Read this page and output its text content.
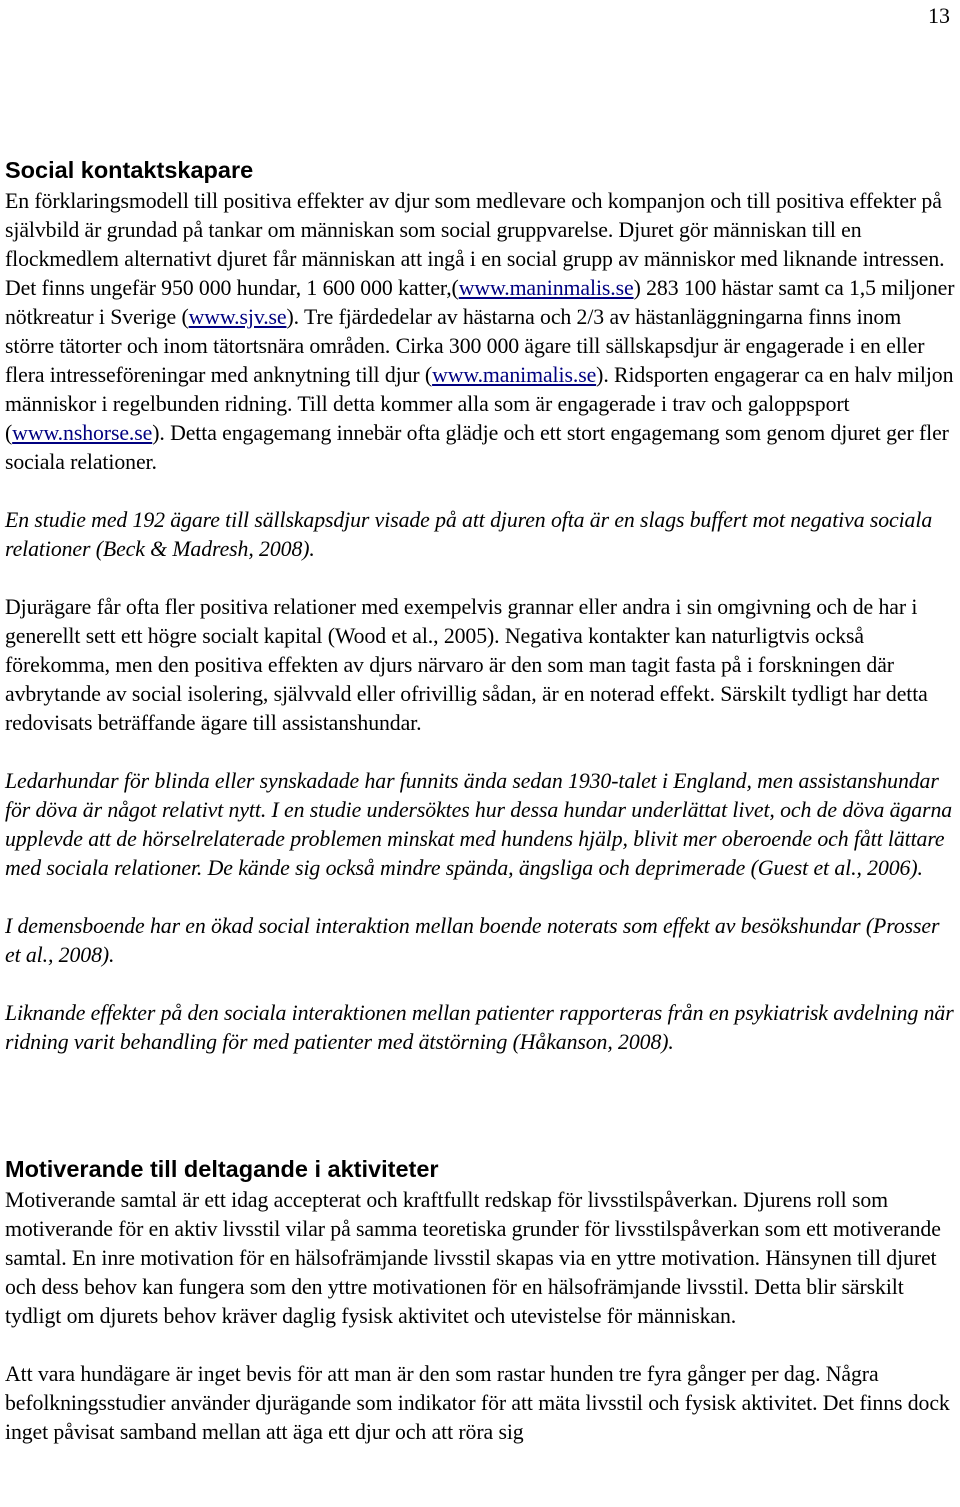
13
Social kontaktskapare

En förklaringsmodell till positiva effekter av djur som medlevare och kompanjon och till positiva effekter på självbild är grundad på tankar om människan som social gruppvarelse. Djuret gör människan till en flockmedlem alternativt djuret får människan att ingå i en social grupp av människor med liknande intressen. Det finns ungefär 950 000 hundar, 1 600 000 katter,(www.maninmalis.se) 283 100 hästar samt ca 1,5 miljoner nötkreatur i Sverige (www.sjv.se). Tre fjärdedelar av hästarna och 2/3 av hästanläggningarna finns inom större tätorter och inom tätortsnära områden. Cirka 300 000 ägare till sällskapsdjur är engagerade i en eller flera intresseföreningar med anknytning till djur (www.manimalis.se). Ridsporten engagerar ca en halv miljon människor i regelbunden ridning. Till detta kommer alla som är engagerade i trav och galoppsport (www.nshorse.se). Detta engagemang innebär ofta glädje och ett stort engagemang som genom djuret ger fler sociala relationer.

En studie med 192 ägare till sällskapsdjur visade på att djuren ofta är en slags buffert mot negativa sociala relationer (Beck & Madresh, 2008).

Djurägare får ofta fler positiva relationer med exempelvis grannar eller andra i sin omgivning och de har i generellt sett ett högre socialt kapital (Wood et al., 2005). Negativa kontakter kan naturligtvis också förekomma, men den positiva effekten av djurs närvaro är den som man tagit fasta på i forskningen där avbrytande av social isolering, självvald eller ofrivillig sådan, är en noterad effekt. Särskilt tydligt har detta redovisats beträffande ägare till assistanshundar.

Ledarhundar för blinda eller synskadade har funnits ända sedan 1930-talet i England, men assistanshundar för döva är något relativt nytt. I en studie undersöktes hur dessa hundar underlättat livet, och de döva ägarna upplevde att de hörselrelaterade problemen minskat med hundens hjälp, blivit mer oberoende och fått lättare med sociala relationer. De kände sig också mindre spända, ängsliga och deprimerade (Guest et al., 2006).

I demensboende har en ökad social interaktion mellan boende noterats som effekt av besökshundar (Prosser et al., 2008).

Liknande effekter på den sociala interaktionen mellan patienter rapporteras från en psykiatrisk avdelning när ridning varit behandling för med patienter med ätstörning (Håkanson, 2008).

Motiverande till deltagande i aktiviteter

Motiverande samtal är ett idag accepterat och kraftfullt redskap för livsstilspåverkan. Djurens roll som motiverande för en aktiv livsstil vilar på samma teoretiska grunder för livsstilspåverkan som ett motiverande samtal. En inre motivation för en hälsofrämjande livsstil skapas via en yttre motivation. Hänsynen till djuret och dess behov kan fungera som den yttre motivationen för en hälsofrämjande livsstil. Detta blir särskilt tydligt om djurets behov kräver daglig fysisk aktivitet och utevistelse för människan.

Att vara hundägare är inget bevis för att man är den som rastar hunden tre fyra gånger per dag. Några befolkningsstudier använder djurägande som indikator för att mäta livsstil och fysisk aktivitet. Det finns dock inget påvisat samband mellan att äga ett djur och att röra sig
